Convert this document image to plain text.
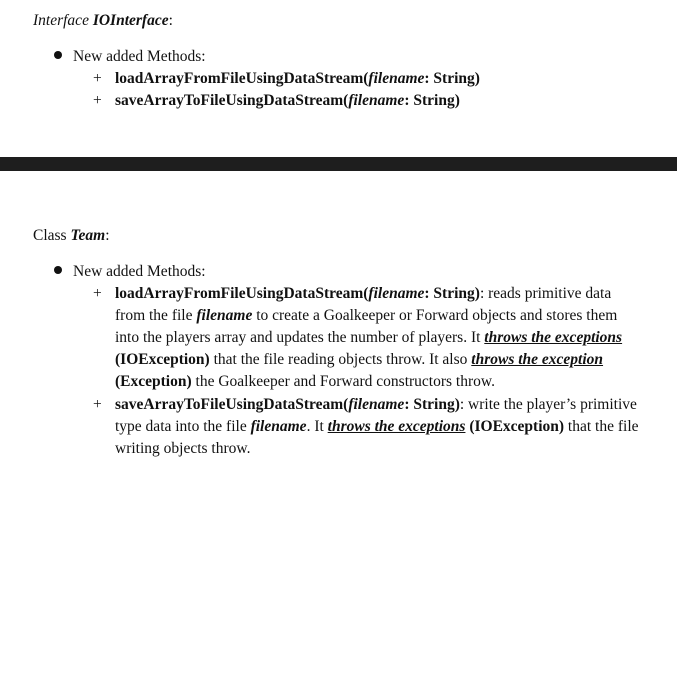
Interface IOInterface:
New added Methods:
+ loadArrayFromFileUsingDataStream(filename: String)
+ saveArrayToFileUsingDataStream(filename: String)
Class Team:
New added Methods:
+ loadArrayFromFileUsingDataStream(filename: String): reads primitive data from the file filename to create a Goalkeeper or Forward objects and stores them into the players array and updates the number of players. It throws the exceptions (IOException) that the file reading objects throw. It also throws the exception (Exception) the Goalkeeper and Forward constructors throw.
+ saveArrayToFileUsingDataStream(filename: String): write the player’s primitive type data into the file filename. It throws the exceptions (IOException) that the file writing objects throw.
